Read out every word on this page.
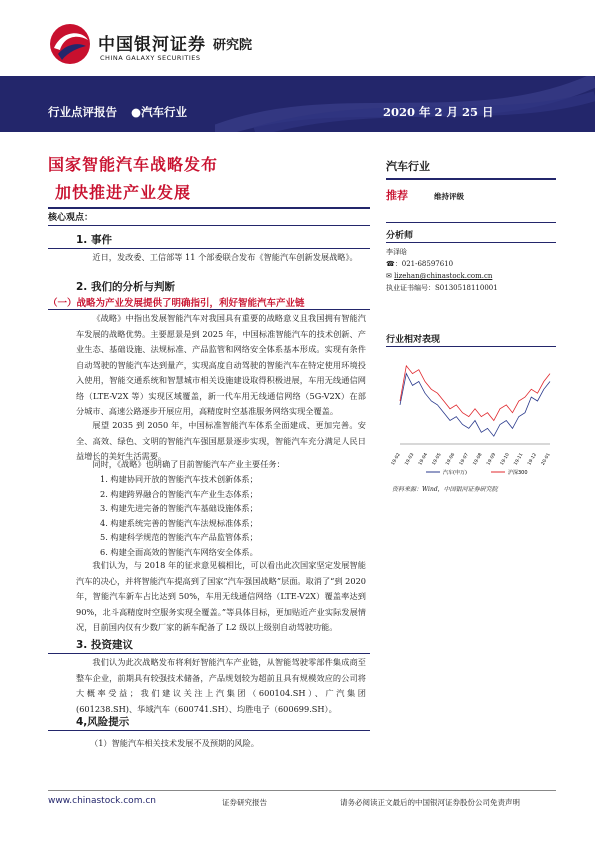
中国银河证券 研究院
CHINA GALAXY SECURITIES
行业点评报告 ●汽车行业	2020 年 2 月 25 日
国家智能汽车战略发布
加快推进产业发展
核心观点：
1. 事件

近日，发改委、工信部等 11 个部委联合发布《智能汽车创新发展战略》。

2. 我们的分析与判断
（一）战略为产业发展提供了明确指引，利好智能汽车产业链

《战略》中指出发展智能汽车对我国具有重要的战略意义且我国拥有智能汽车发展的战略优势。主要愿景是到 2025 年，中国标准智能汽车的技术创新、产业生态、基础设施、法规标准、产品监管和网络安全体系基本形成。实现有条件自动驾驶的智能汽车达到量产，实现高度自动驾驶的智能汽车在特定使用环境投入使用，智能交通系统和智慧城市相关设施建设取得积极进展，车用无线通信网络（LTE-V2X 等）实现区域覆盖，新一代车用无线通信网络（5G-V2X）在部分城市、高速公路逐步开展应用，高精度时空基准服务网络实现全覆盖。

展望 2035 到 2050 年，中国标准智能汽车体系全面建成、更加完善。安全、高效、绿色、文明的智能汽车强国愿景逐步实现，智能汽车充分满足人民日益增长的美好生活需要。

同时，《战略》也明确了目前智能汽车产业主要任务：

1. 构建协同开放的智能汽车技术创新体系；
2. 构建跨界融合的智能汽车产业生态体系；
3. 构建先进完备的智能汽车基础设施体系；
4. 构建系统完善的智能汽车法规标准体系；
5. 构建科学规范的智能汽车产品监管体系；
6. 构建全面高效的智能汽车网络安全体系。

我们认为，与 2018 年的征求意见稿相比，可以看出此次国家坚定发展智能汽车的决心，并将智能汽车提高到了国家“汽车强国战略”层面。取消了“到 2020 年，智能汽车新车占比达到 50%，车用无线通信网络（LTE-V2X）覆盖率达到 90%，北斗高精度时空服务实现全覆盖。”等具体目标，更加贴近产业实际发展情况，目前国内仅有少数厂家的新车配备了 L2 级以上级别自动驾驶功能。

3. 投资建议

我们认为此次战略发布将利好智能汽车产业链，从智能驾驶零部件集成商至整车企业，前期具有较强技术储备，产品规划较为超前且具有规模效应的公司将大概率受益；我们建议关注上汽集团（600104.SH）、广汽集团(601238.SH)、华域汽车（600741.SH）、均胜电子（600699.SH）。

4,风险提示

（1）智能汽车相关技术发展不及预期的风险。

汽车行业
推荐	维持评级
分析师
李泽晗
☎：021-68597610
✉ lizehan@chinastock.com.cn
执业证书编号：S0130518110001
行业相对表现
19-02 19-03 19-04 19-05 19-06 19-07 19-08 19-09 19-10 19-11 19-12 20-01
汽车(申万)	沪深300
资料来源：Wind，中国银河证券研究院
www.chinastock.com.cn	证券研究报告	请务必阅读正文最后的中国银河证券股份公司免责声明
